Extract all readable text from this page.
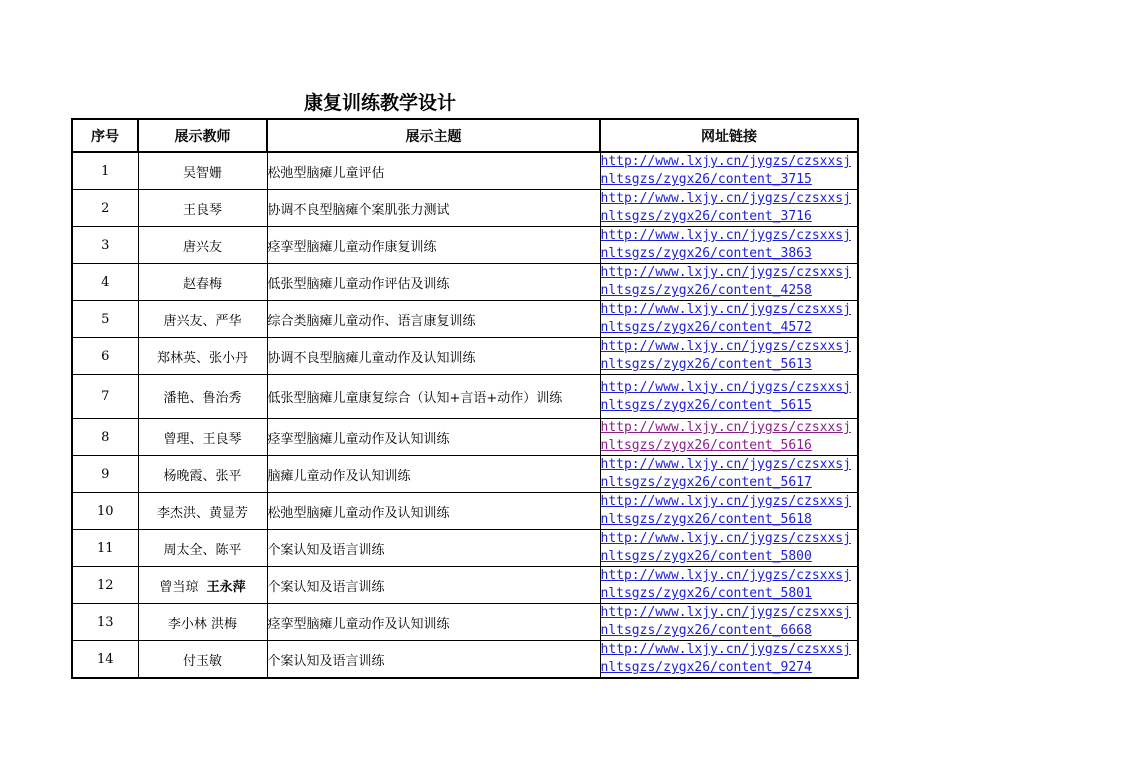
康复训练教学设计
序号	展示教师	展示主题	网址链接
1	吴智姗	松弛型脑瘫儿童评估	http://www.lxjy.cn/jygzs/czsxxsjnltsgzs/zygx26/content_3715

2	王良琴	协调不良型脑瘫个案肌张力测试	http://www.lxjy.cn/jygzs/czsxxsjnltsgzs/zygx26/content_3716

3	唐兴友	痉挛型脑瘫儿童动作康复训练	http://www.lxjy.cn/jygzs/czsxxsjnltsgzs/zygx26/content_3863

4	赵春梅	低张型脑瘫儿童动作评估及训练	http://www.lxjy.cn/jygzs/czsxxsjnltsgzs/zygx26/content_4258

5	唐兴友、严华	综合类脑瘫儿童动作、语言康复训练	http://www.lxjy.cn/jygzs/czsxxsjnltsgzs/zygx26/content_4572

6	郑林英、张小丹	协调不良型脑瘫儿童动作及认知训练	http://www.lxjy.cn/jygzs/czsxxsjnltsgzs/zygx26/content_5613

7	潘艳、鲁治秀	低张型脑瘫儿童康复综合（认知+言语+动作）训练	http://www.lxjy.cn/jygzs/czsxxsjnltsgzs/zygx26/content_5615

8	曾理、王良琴	痉挛型脑瘫儿童动作及认知训练	http://www.lxjy.cn/jygzs/czsxxsjnltsgzs/zygx26/content_5616

9	杨晚霞、张平	脑瘫儿童动作及认知训练	http://www.lxjy.cn/jygzs/czsxxsjnltsgzs/zygx26/content_5617

10	李杰洪、黄显芳	松弛型脑瘫儿童动作及认知训练	http://www.lxjy.cn/jygzs/czsxxsjnltsgzs/zygx26/content_5618

11	周太全、陈平	个案认知及语言训练	http://www.lxjy.cn/jygzs/czsxxsjnltsgzs/zygx26/content_5800

12	曾当琼 王永萍	个案认知及语言训练	http://www.lxjy.cn/jygzs/czsxxsjnltsgzs/zygx26/content_5801

13	李小林 洪梅	痉挛型脑瘫儿童动作及认知训练	http://www.lxjy.cn/jygzs/czsxxsjnltsgzs/zygx26/content_6668

14	付玉敏	个案认知及语言训练	http://www.lxjy.cn/jygzs/czsxxsjnltsgzs/zygx26/content_9274
